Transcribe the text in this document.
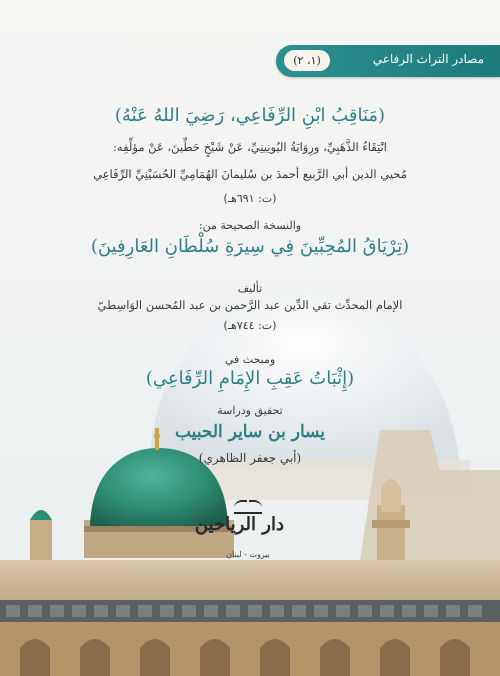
مصادر التراث الرفاعي
(١، ٢)
(مَنَاقِبُ ابْنِ الرِّفَاعِي، رَضِيَ اللهُ عَنْهُ)
انْتِقَاءُ الذَّهَبِيِّ، ورِوَايَةُ اليُونِينِيِّ، عَنْ شَيْخٍ حَطِّينَ، عَنْ مؤلِّفِه:
مُحيي الدين أبي الرَّبيع أحمدَ بن سُليمانَ الهُمَامِيِّ الحُسَيْنِيِّ الرِّفَاعِي
(ت: ٦٩١هـ)
والنسخة الصحيحة من:
(تِرْيَاقُ المُحِبِّينَ فِي سِيرَةِ سُلْطَانِ العَارِفِينَ)
تأليف
الإمام المحدِّث تقي الدِّين عبد الرَّحمن بن عبد المُحسن الوَاسِطيّ
(ت: ٧٤٤هـ)
ومبحث في
(إِثْبَاتُ عَقِبِ الإِمَامِ الرِّفَاعِي)
تحقيق ودراسة
يسار بن ساير الحبيب
(أبي جعفر الظاهري)
دار الرياحين
بيروت - لبنان
